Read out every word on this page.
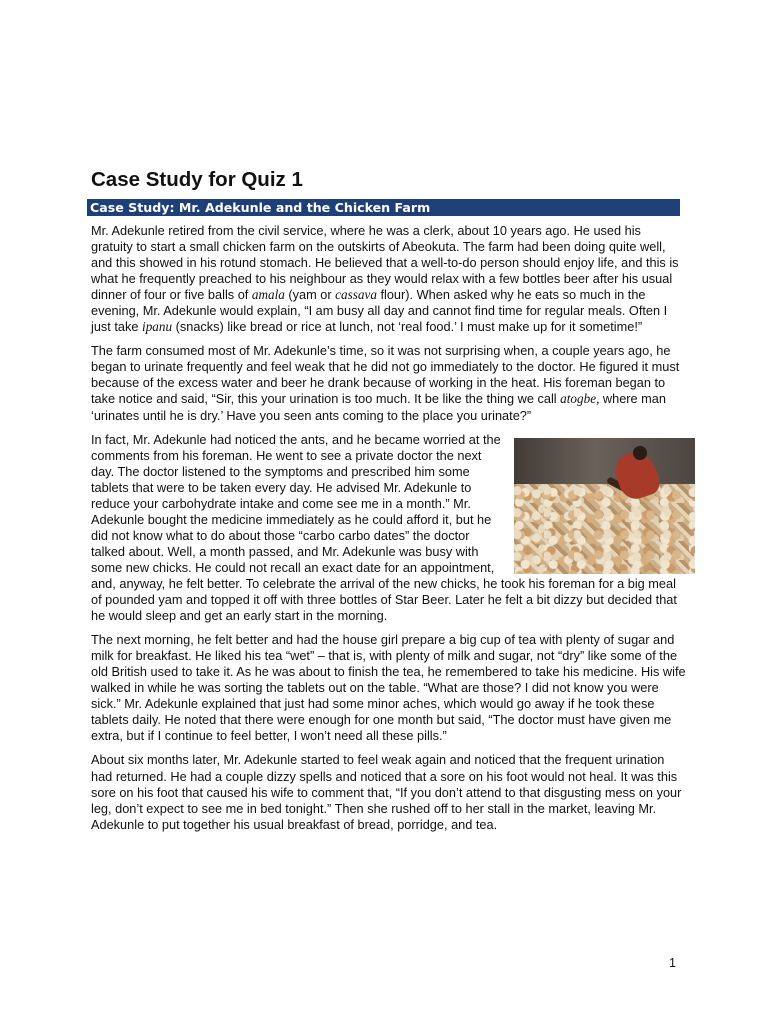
Case Study for Quiz 1
Case Study: Mr. Adekunle and the Chicken Farm

Mr. Adekunle retired from the civil service, where he was a clerk, about 10 years ago. He used his gratuity to start a small chicken farm on the outskirts of Abeokuta. The farm had been doing quite well, and this showed in his rotund stomach. He believed that a well-to-do person should enjoy life, and this is what he frequently preached to his neighbour as they would relax with a few bottles beer after his usual dinner of four or five balls of amala (yam or cassava flour). When asked why he eats so much in the evening, Mr. Adekunle would explain, “I am busy all day and cannot find time for regular meals. Often I just take ipanu (snacks) like bread or rice at lunch, not ‘real food.’ I must make up for it sometime!”

The farm consumed most of Mr. Adekunle’s time, so it was not surprising when, a couple years ago, he began to urinate frequently and feel weak that he did not go immediately to the doctor. He figured it must because of the excess water and beer he drank because of working in the heat. His foreman began to take notice and said, “Sir, this your urination is too much. It be like the thing we call atogbe, where man ‘urinates until he is dry.’ Have you seen ants coming to the place you urinate?”

In fact, Mr. Adekunle had noticed the ants, and he became worried at the comments from his foreman. He went to see a private doctor the next day. The doctor listened to the symptoms and prescribed him some tablets that were to be taken every day. He advised Mr. Adekunle to reduce your carbohydrate intake and come see me in a month.” Mr. Adekunle bought the medicine immediately as he could afford it, but he did not know what to do about those “carbo carbo dates” the doctor talked about. Well, a month passed, and Mr. Adekunle was busy with some new chicks. He could not recall an exact date for an appointment, and, anyway, he felt better. To celebrate the arrival of the new chicks, he took his foreman for a big meal of pounded yam and topped it off with three bottles of Star Beer. Later he felt a bit dizzy but decided that he would sleep and get an early start in the morning.

The next morning, he felt better and had the house girl prepare a big cup of tea with plenty of sugar and milk for breakfast. He liked his tea “wet” – that is, with plenty of milk and sugar, not “dry” like some of the old British used to take it. As he was about to finish the tea, he remembered to take his medicine. His wife walked in while he was sorting the tablets out on the table. “What are those? I did not know you were sick.” Mr. Adekunle explained that just had some minor aches, which would go away if he took these tablets daily. He noted that there were enough for one month but said, “The doctor must have given me extra, but if I continue to feel better, I won’t need all these pills.”

About six months later, Mr. Adekunle started to feel weak again and noticed that the frequent urination had returned. He had a couple dizzy spells and noticed that a sore on his foot would not heal. It was this sore on his foot that caused his wife to comment that, “If you don’t attend to that disgusting mess on your leg, don’t expect to see me in bed tonight.” Then she rushed off to her stall in the market, leaving Mr. Adekunle to put together his usual breakfast of bread, porridge, and tea.

1
